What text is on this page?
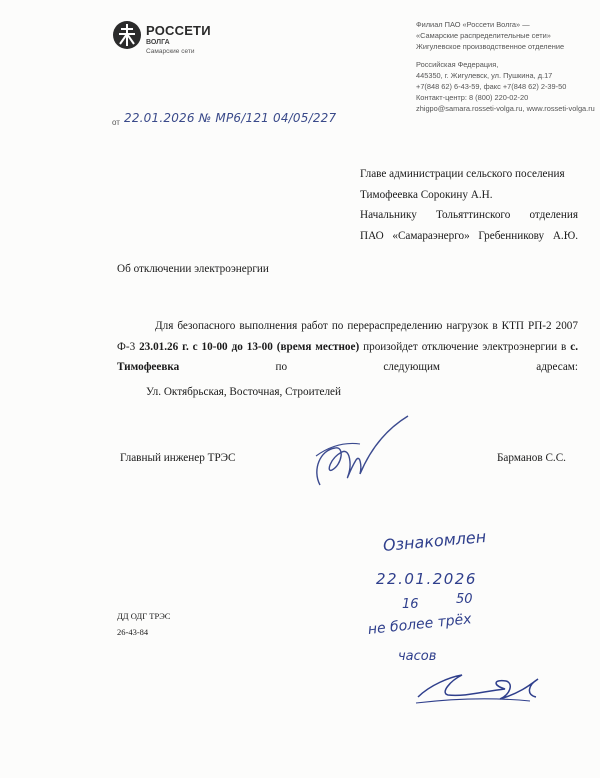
РОССЕТИ
ВОЛГА
Самарские сети
Филиал ПАО «Россети Волга» —
«Самарские распределительные сети»
Жигулевское производственное отделение
Российская Федерация,
445350, г. Жигулевск, ул. Пушкина, д.17
+7(848 62) 6-43-59, факс +7(848 62) 2-39-50
Контакт-центр: 8 (800) 220-02-20
zhigpo@samara.rosseti-volga.ru, www.rosseti-volga.ru
от 22.01.2026 № МР6/121 04/05/227
Главе администрации сельского поселения
Тимофеевка Сорокину А.Н.
Начальнику Тольяттинского отделения
ПАО «Самараэнерго» Гребенникову А.Ю.
Об отключении электроэнергии

Для безопасного выполнения работ по перераспределению нагрузок в КТП РП-2 2007 Ф-3 23.01.26 г. с 10-00 до 13-00 (время местное) произойдет отключение электроэнергии в с. Тимофеевка по следующим адресам:

Ул. Октябрьская, Восточная, Строителей

Главный инженер ТРЭС	Барманов С.С.
ДД ОДГ ТРЭС
26-43-84
Ознакомлен
22.01.2026
16	50
не более трёх
часов
